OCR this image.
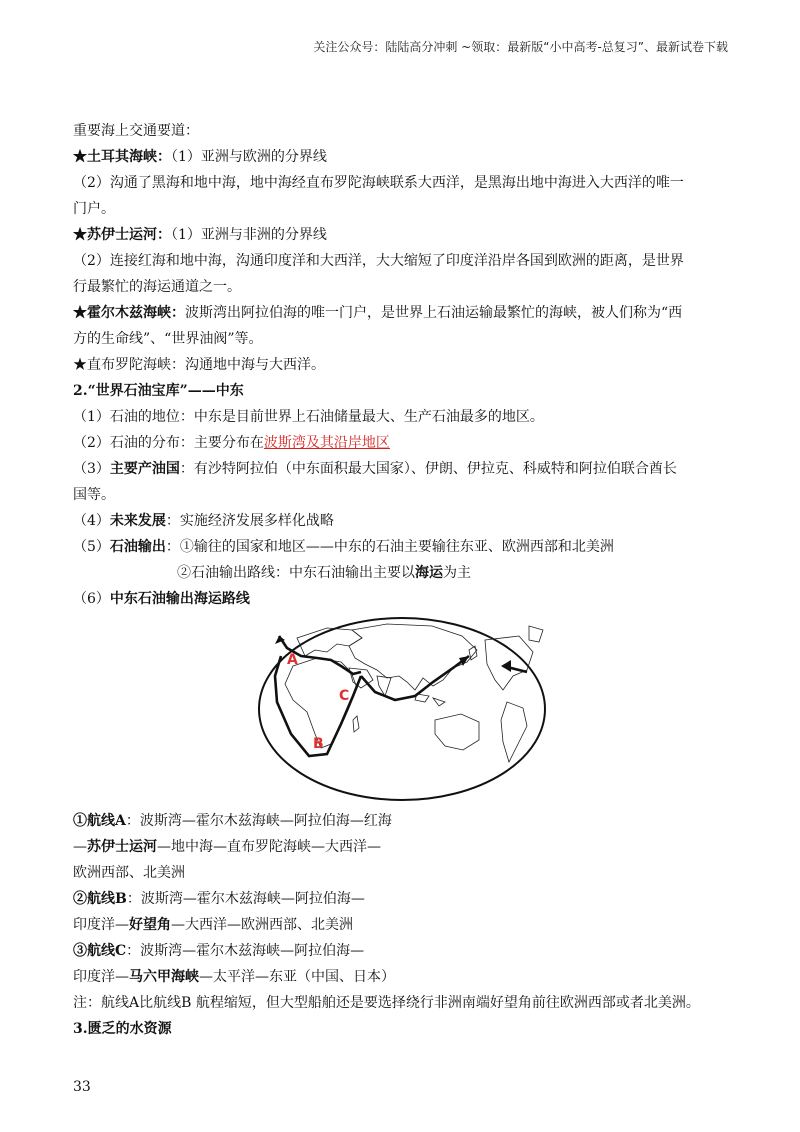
关注公众号：陆陆高分冲刺 ~领取：最新版“小中高考-总复习”、最新试卷下载
重要海上交通要道：
★土耳其海峡：（1）亚洲与欧洲的分界线
（2）沟通了黑海和地中海，地中海经直布罗陀海峡联系大西洋，是黑海出地中海进入大西洋的唯一
门户。
★苏伊士运河：（1）亚洲与非洲的分界线
（2）连接红海和地中海，沟通印度洋和大西洋，大大缩短了印度洋沿岸各国到欧洲的距离，是世界
行最繁忙的海运通道之一。
★霍尔木兹海峡：波斯湾出阿拉伯海的唯一门户，是世界上石油运输最繁忙的海峡，被人们称为“西
方的生命线”、“世界油阀”等。
★直布罗陀海峡：沟通地中海与大西洋。
2.“世界石油宝库”——中东
（1）石油的地位：中东是目前世界上石油储量最大、生产石油最多的地区。
（2）石油的分布：主要分布在波斯湾及其沿岸地区
（3）主要产油国：有沙特阿拉伯（中东面积最大国家）、伊朗、伊拉克、科威特和阿拉伯联合酋长
国等。
（4）未来发展：实施经济发展多样化战略
（5）石油输出：①输往的国家和地区——中东的石油主要输往东亚、欧洲西部和北美洲
②石油输出路线：中东石油输出主要以海运为主
（6）中东石油输出海运路线
A
B
C
①航线A：波斯湾—霍尔木兹海峡—阿拉伯海—红海
—苏伊士运河—地中海—直布罗陀海峡—大西洋—
欧洲西部、北美洲
②航线B：波斯湾—霍尔木兹海峡—阿拉伯海—
印度洋—好望角—大西洋—欧洲西部、北美洲
③航线C：波斯湾—霍尔木兹海峡—阿拉伯海—
印度洋—马六甲海峡—太平洋—东亚（中国、日本）
注：航线A比航线B 航程缩短，但大型船舶还是要选择绕行非洲南端好望角前往欧洲西部或者北美洲。
3.匮乏的水资源
33
